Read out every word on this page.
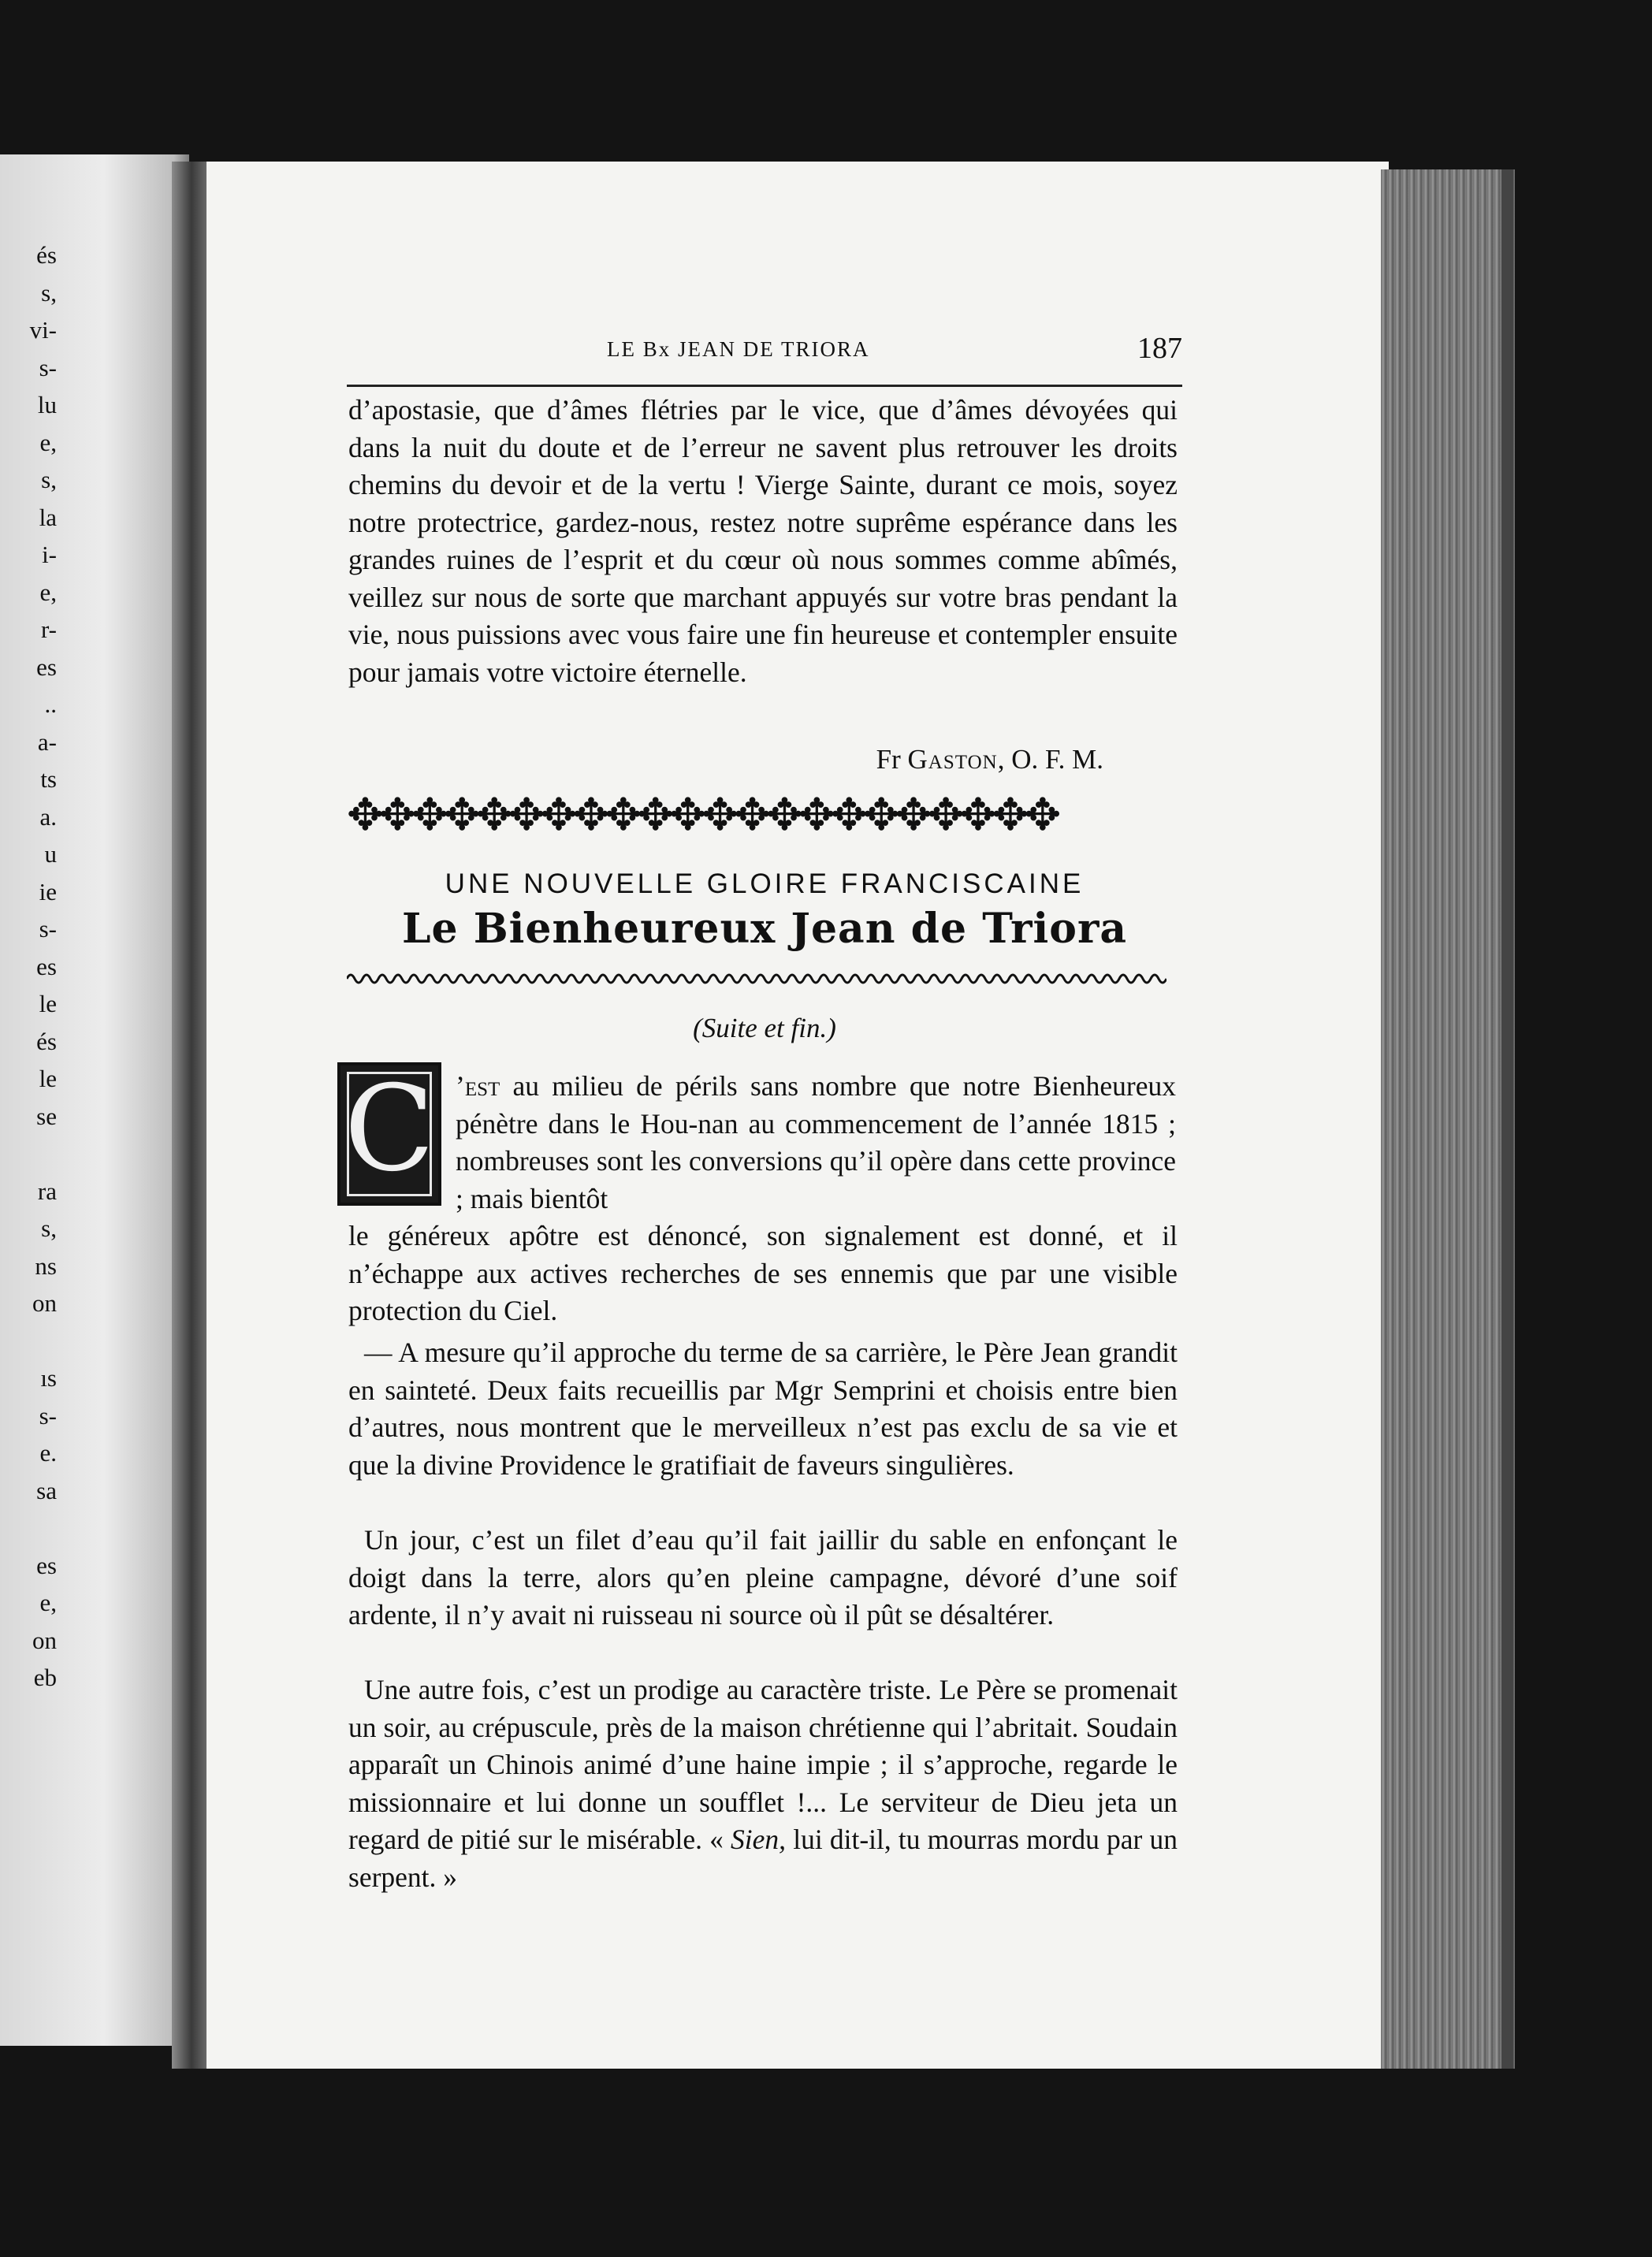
és
s,
vi-
s-
lu
e,
s,
la
i-
e,
r-
es
..
a-
ts
a.
u
ie
s-
es
le
és
le
se

ra
s,
ns
on

ıs
s-
e.
sa

es
e,
on
eb
LE Bx JEAN DE TRIORA	187

d’apostasie, que d’âmes flétries par le vice, que d’âmes dévoyées qui dans la nuit du doute et de l’erreur ne savent plus retrouver les droits chemins du devoir et de la vertu ! Vierge Sainte, durant ce mois, soyez notre protectrice, gardez-nous, restez notre suprême espérance dans les grandes ruines de l’esprit et du cœur où nous sommes comme abîmés, veillez sur nous de sorte que marchant appuyés sur votre bras pendant la vie, nous puissions avec vous faire une fin heureuse et contempler ensuite pour jamais votre victoire éternelle.

Fr Gaston, O. F. M.
✥✥✥✥✥✥✥✥✥✥✥✥✥✥✥✥✥✥✥✥✥✥
UNE NOUVELLE GLOIRE FRANCISCAINE
Le Bienheureux Jean de Triora
(Suite et fin.)
C ’est au milieu de périls sans nombre que notre Bienheureux pénètre dans le Hou-nan au commencement de l’année 1815 ; nombreuses sont les conversions qu’il opère dans cette province ; mais bientôt

le généreux apôtre est dénoncé, son signalement est donné, et il n’échappe aux actives recherches de ses ennemis que par une visible protection du Ciel.

— A mesure qu’il approche du terme de sa carrière, le Père Jean grandit en sainteté. Deux faits recueillis par Mgr Semprini et choisis entre bien d’autres, nous montrent que le merveilleux n’est pas exclu de sa vie et que la divine Providence le gratifiait de faveurs singulières.

Un jour, c’est un filet d’eau qu’il fait jaillir du sable en enfonçant le doigt dans la terre, alors qu’en pleine campagne, dévoré d’une soif ardente, il n’y avait ni ruisseau ni source où il pût se désaltérer.

Une autre fois, c’est un prodige au caractère triste. Le Père se promenait un soir, au crépuscule, près de la maison chrétienne qui l’abritait. Soudain apparaît un Chinois animé d’une haine impie ; il s’approche, regarde le missionnaire et lui donne un soufflet !... Le serviteur de Dieu jeta un regard de pitié sur le misérable. « Sien, lui dit-il, tu mourras mordu par un serpent. »
